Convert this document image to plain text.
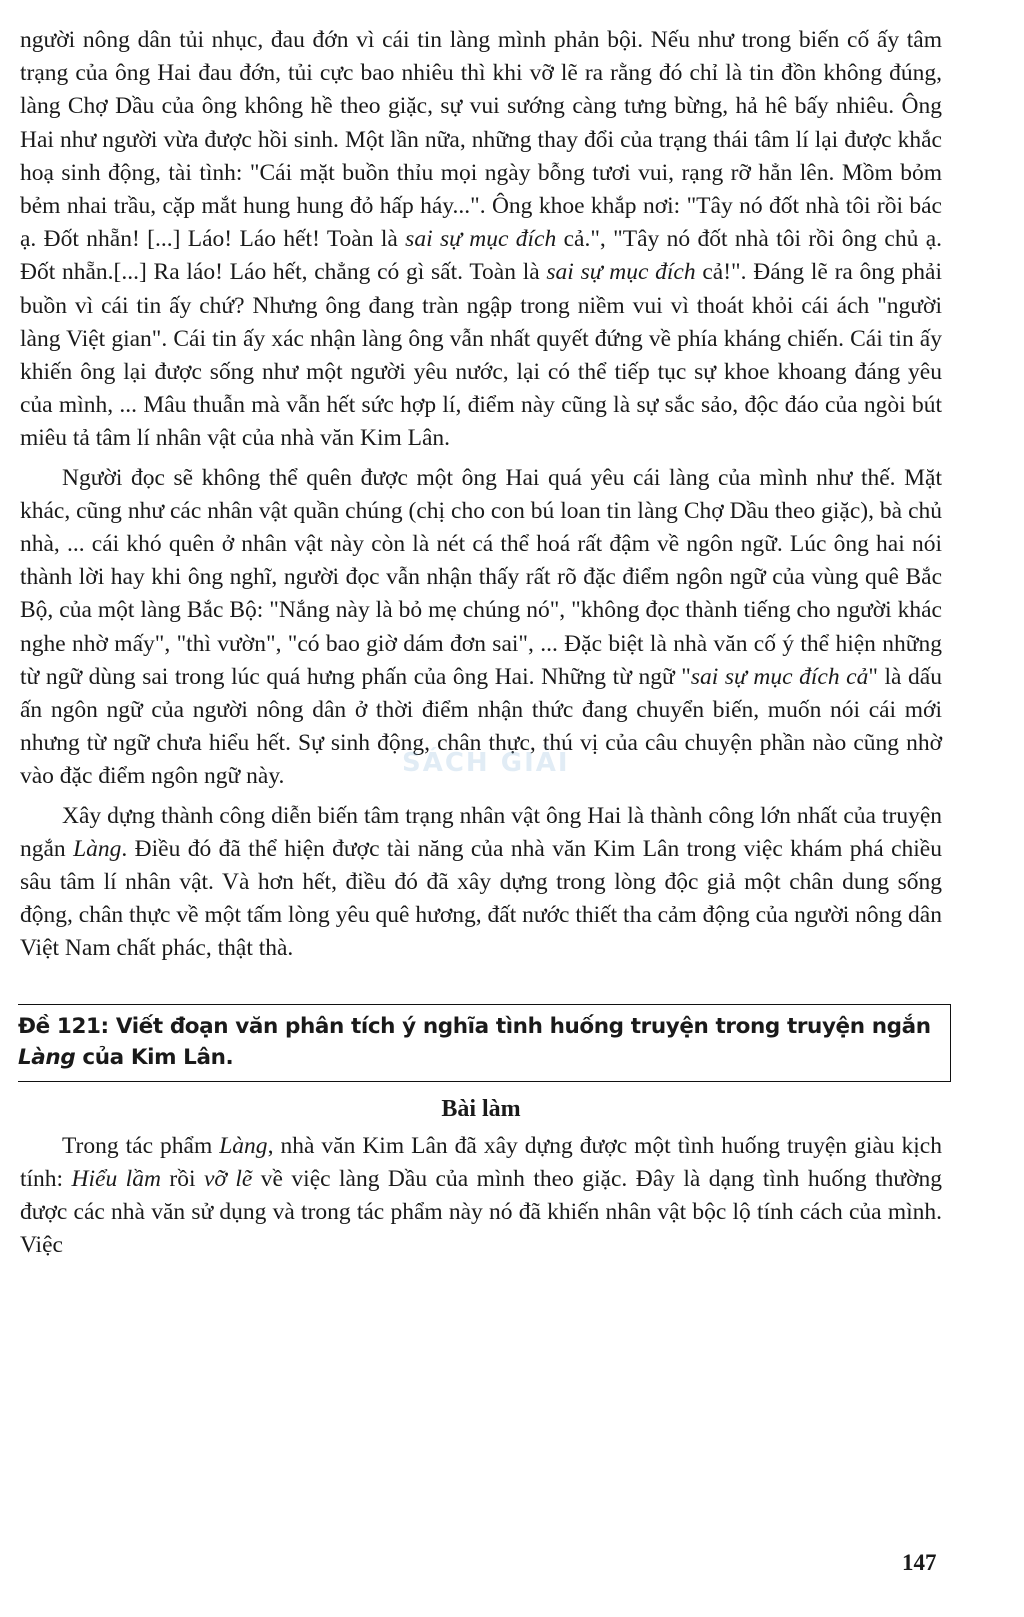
người nông dân tủi nhục, đau đớn vì cái tin làng mình phản bội. Nếu như trong biến cố ấy tâm trạng của ông Hai đau đớn, tủi cực bao nhiêu thì khi vỡ lẽ ra rằng đó chỉ là tin đồn không đúng, làng Chợ Dầu của ông không hề theo giặc, sự vui sướng càng tưng bừng, hả hê bấy nhiêu. Ông Hai như người vừa được hồi sinh. Một lần nữa, những thay đổi của trạng thái tâm lí lại được khắc hoạ sinh động, tài tình: "Cái mặt buồn thỉu mọi ngày bỗng tươi vui, rạng rỡ hẳn lên. Mồm bỏm bẻm nhai trầu, cặp mắt hung hung đỏ hấp háy...". Ông khoe khắp nơi: "Tây nó đốt nhà tôi rồi bác ạ. Đốt nhẵn! [...] Láo! Láo hết! Toàn là sai sự mục đích cả.", "Tây nó đốt nhà tôi rồi ông chủ ạ. Đốt nhẵn.[...] Ra láo! Láo hết, chẳng có gì sất. Toàn là sai sự mục đích cả!". Đáng lẽ ra ông phải buồn vì cái tin ấy chứ? Nhưng ông đang tràn ngập trong niềm vui vì thoát khỏi cái ách "người làng Việt gian". Cái tin ấy xác nhận làng ông vẫn nhất quyết đứng về phía kháng chiến. Cái tin ấy khiến ông lại được sống như một người yêu nước, lại có thể tiếp tục sự khoe khoang đáng yêu của mình, ... Mâu thuẫn mà vẫn hết sức hợp lí, điểm này cũng là sự sắc sảo, độc đáo của ngòi bút miêu tả tâm lí nhân vật của nhà văn Kim Lân.

Người đọc sẽ không thể quên được một ông Hai quá yêu cái làng của mình như thế. Mặt khác, cũng như các nhân vật quần chúng (chị cho con bú loan tin làng Chợ Dầu theo giặc), bà chủ nhà, ... cái khó quên ở nhân vật này còn là nét cá thể hoá rất đậm về ngôn ngữ. Lúc ông hai nói thành lời hay khi ông nghĩ, người đọc vẫn nhận thấy rất rõ đặc điểm ngôn ngữ của vùng quê Bắc Bộ, của một làng Bắc Bộ: "Nắng này là bỏ mẹ chúng nó", "không đọc thành tiếng cho người khác nghe nhờ mấy", "thì vườn", "có bao giờ dám đơn sai", ... Đặc biệt là nhà văn cố ý thể hiện những từ ngữ dùng sai trong lúc quá hưng phấn của ông Hai. Những từ ngữ "sai sự mục đích cả" là dấu ấn ngôn ngữ của người nông dân ở thời điểm nhận thức đang chuyển biến, muốn nói cái mới nhưng từ ngữ chưa hiểu hết. Sự sinh động, chân thực, thú vị của câu chuyện phần nào cũng nhờ vào đặc điểm ngôn ngữ này.

Xây dựng thành công diễn biến tâm trạng nhân vật ông Hai là thành công lớn nhất của truyện ngắn Làng. Điều đó đã thể hiện được tài năng của nhà văn Kim Lân trong việc khám phá chiều sâu tâm lí nhân vật. Và hơn hết, điều đó đã xây dựng trong lòng độc giả một chân dung sống động, chân thực về một tấm lòng yêu quê hương, đất nước thiết tha cảm động của người nông dân Việt Nam chất phác, thật thà.

Đề 121: Viết đoạn văn phân tích ý nghĩa tình huống truyện trong truyện ngắn
Làng của Kim Lân.

Bài làm

Trong tác phẩm Làng, nhà văn Kim Lân đã xây dựng được một tình huống truyện giàu kịch tính: Hiểu lầm rồi vỡ lẽ về việc làng Dầu của mình theo giặc. Đây là dạng tình huống thường được các nhà văn sử dụng và trong tác phẩm này nó đã khiến nhân vật bộc lộ tính cách của mình. Việc

SÁCH GIẢI
147
